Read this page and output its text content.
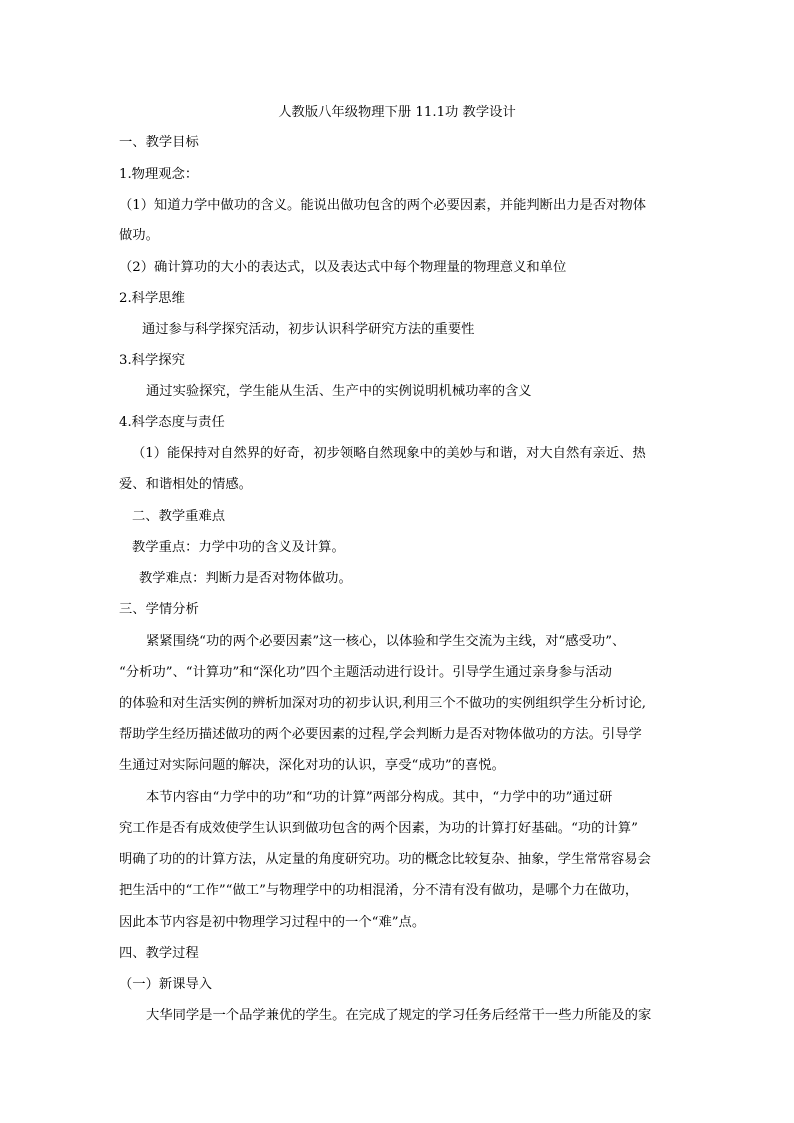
人教版八年级物理下册 11.1功 教学设计

一、教学目标

1.物理观念：

（1）知道力学中做功的含义。能说出做功包含的两个必要因素，并能判断出力是否对物体

做功。

（2）确计算功的大小的表达式，以及表达式中每个物理量的物理意义和单位

2.科学思维

通过参与科学探究活动，初步认识科学研究方法的重要性

3.科学探究

通过实验探究，学生能从生活、生产中的实例说明机械功率的含义

4.科学态度与责任

（1）能保持对自然界的好奇，初步领略自然现象中的美妙与和谐，对大自然有亲近、热

爱、和谐相处的情感。

二、教学重难点

教学重点：力学中功的含义及计算。

教学难点：判断力是否对物体做功。

三、学情分析

紧紧围绕“功的两个必要因素”这一核心，以体验和学生交流为主线，对“感受功”、

“分析功”、“计算功”和“深化功”四个主题活动进行设计。引导学生通过亲身参与活动

的体验和对生活实例的辨析加深对功的初步认识,利用三个不做功的实例组织学生分析讨论,

帮助学生经历描述做功的两个必要因素的过程,学会判断力是否对物体做功的方法。引导学

生通过对实际问题的解决，深化对功的认识，享受“成功”的喜悦。

本节内容由“力学中的功”和“功的计算”两部分构成。其中，“力学中的功”通过研

究工作是否有成效使学生认识到做功包含的两个因素，为功的计算打好基础。“功的计算”

明确了功的的计算方法，从定量的角度研究功。功的概念比较复杂、抽象，学生常常容易会

把生活中的“工作”“做工”与物理学中的功相混淆，分不清有没有做功，是哪个力在做功，

因此本节内容是初中物理学习过程中的一个“难”点。

四、教学过程

（一）新课导入

大华同学是一个品学兼优的学生。在完成了规定的学习任务后经常干一些力所能及的家
